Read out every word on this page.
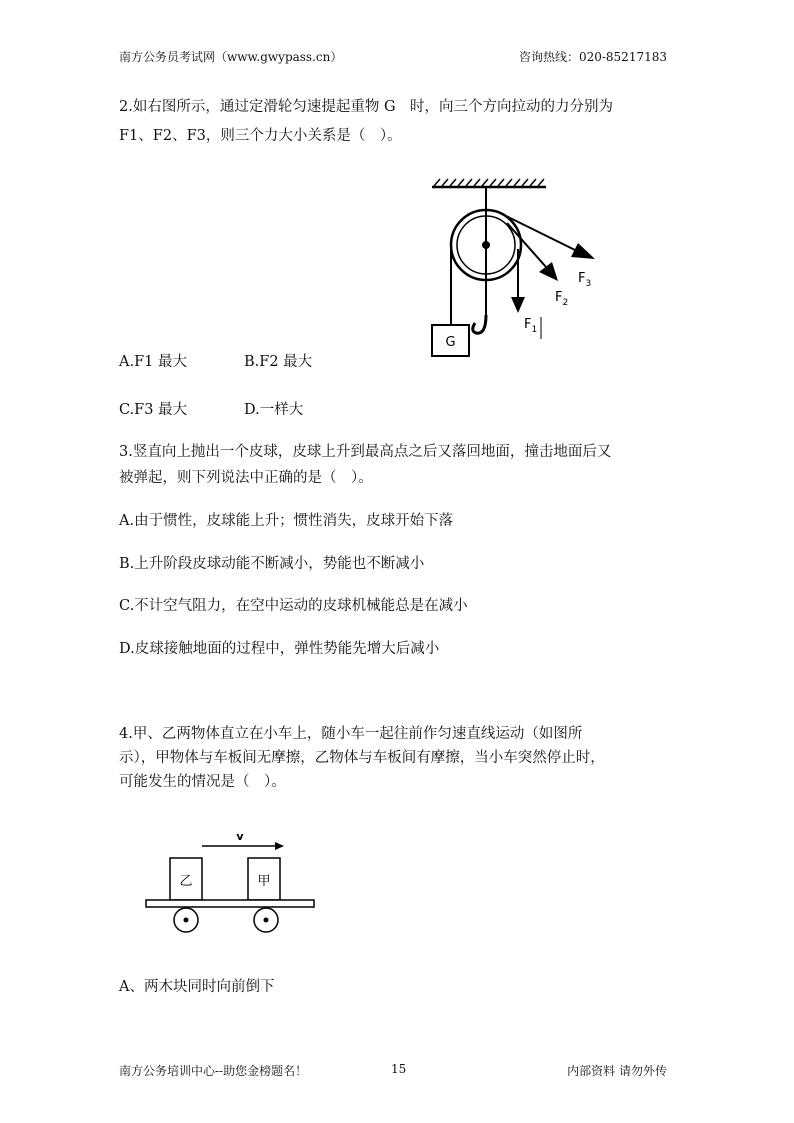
南方公务员考试网（www.gwypass.cn）	咨询热线：020-85217183
2.如右图所示，通过定滑轮匀速提起重物 G　时，向三个方向拉动的力分别为
F1、F2、F3，则三个力大小关系是（　）。
G
$F_1$
$F_2$
$F_3$
A.F1 最大	B.F2 最大
C.F3 最大	D.一样大
3.竖直向上抛出一个皮球，皮球上升到最高点之后又落回地面，撞击地面后又
被弹起，则下列说法中正确的是（　）。
A.由于惯性，皮球能上升；惯性消失，皮球开始下落
B.上升阶段皮球动能不断减小，势能也不断减小
C.不计空气阻力，在空中运动的皮球机械能总是在减小
D.皮球接触地面的过程中，弹性势能先增大后减小
4.甲、乙两物体直立在小车上，随小车一起往前作匀速直线运动（如图所
示），甲物体与车板间无摩擦，乙物体与车板间有摩擦，当小车突然停止时，
可能发生的情况是（　）。
v
乙	甲
A、两木块同时向前倒下
南方公务培训中心--助您金榜题名！	15	内部资料 请勿外传
